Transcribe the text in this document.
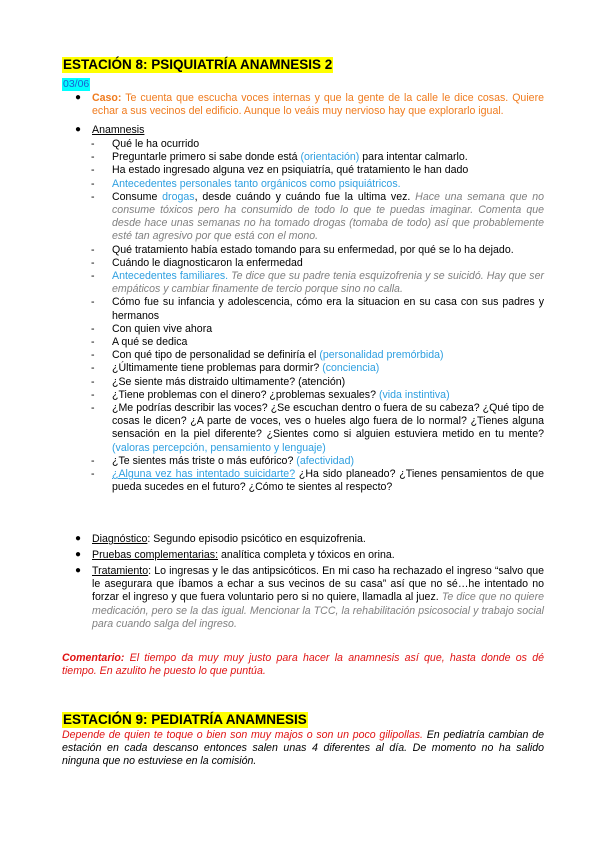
ESTACIÓN 8: PSIQUIATRÍA ANAMNESIS 2
03/06
● Caso: Te cuenta que escucha voces internas y que la gente de la calle le dice cosas. Quiere echar a sus vecinos del edificio. Aunque lo veáis muy nervioso hay que explorarlo igual.
● Anamnesis
- Qué le ha ocurrido
- Preguntarle primero si sabe donde está (orientación) para intentar calmarlo.
- Ha estado ingresado alguna vez en psiquiatría, qué tratamiento le han dado
- Antecedentes personales tanto orgánicos como psiquiátricos.
- Consume drogas, desde cuándo y cuándo fue la ultima vez. Hace una semana que no consume tóxicos pero ha consumido de todo lo que te puedas imaginar. Comenta que desde hace unas semanas no ha tomado drogas (tomaba de todo) así que probablemente esté tan agresivo por que está con el mono.
- Qué tratamiento había estado tomando para su enfermedad, por qué se lo ha dejado.
- Cuándo le diagnosticaron la enfermedad
- Antecedentes familiares. Te dice que su padre tenia esquizofrenia y se suicidó. Hay que ser empáticos y cambiar finamente de tercio porque sino no calla.
- Cómo fue su infancia y adolescencia, cómo era la situacion en su casa con sus padres y hermanos
- Con quien vive ahora
- A qué se dedica
- Con qué tipo de personalidad se definiría el (personalidad premórbida)
- ¿Últimamente tiene problemas para dormir? (conciencia)
- ¿Se siente más distraido ultimamente? (atención)
- ¿Tiene problemas con el dinero? ¿problemas sexuales? (vida instintiva)
- ¿Me podrías describir las voces? ¿Se escuchan dentro o fuera de su cabeza? ¿Qué tipo de cosas le dicen? ¿A parte de voces, ves o hueles algo fuera de lo normal? ¿Tienes alguna sensación en la piel diferente? ¿Sientes como si alguien estuviera metido en tu mente? (valoras percepción, pensamiento y lenguaje)
- ¿Te sientes más triste o más eufórico? (afectividad)
- ¿Alguna vez has intentado suicidarte? ¿Ha sido planeado? ¿Tienes pensamientos de que pueda sucedes en el futuro? ¿Cómo te sientes al respecto?
● Diagnóstico: Segundo episodio psicótico en esquizofrenia.
● Pruebas complementarias: analítica completa y tóxicos en orina.
● Tratamiento: Lo ingresas y le das antipsicóticos. En mi caso ha rechazado el ingreso “salvo que le asegurara que íbamos a echar a sus vecinos de su casa” así que no sé…he intentado no forzar el ingreso y que fuera voluntario pero si no quiere, llamadla al juez. Te dice que no quiere medicación, pero se la das igual. Mencionar la TCC, la rehabilitación psicosocial y trabajo social para cuando salga del ingreso.
Comentario: El tiempo da muy muy justo para hacer la anamnesis así que, hasta donde os dé tiempo. En azulito he puesto lo que puntúa.
ESTACIÓN 9: PEDIATRÍA ANAMNESIS
Depende de quien te toque o bien son muy majos o son un poco gilipollas. En pediatría cambian de estación en cada descanso entonces salen unas 4 diferentes al día. De momento no ha salido ninguna que no estuviese en la comisión.
